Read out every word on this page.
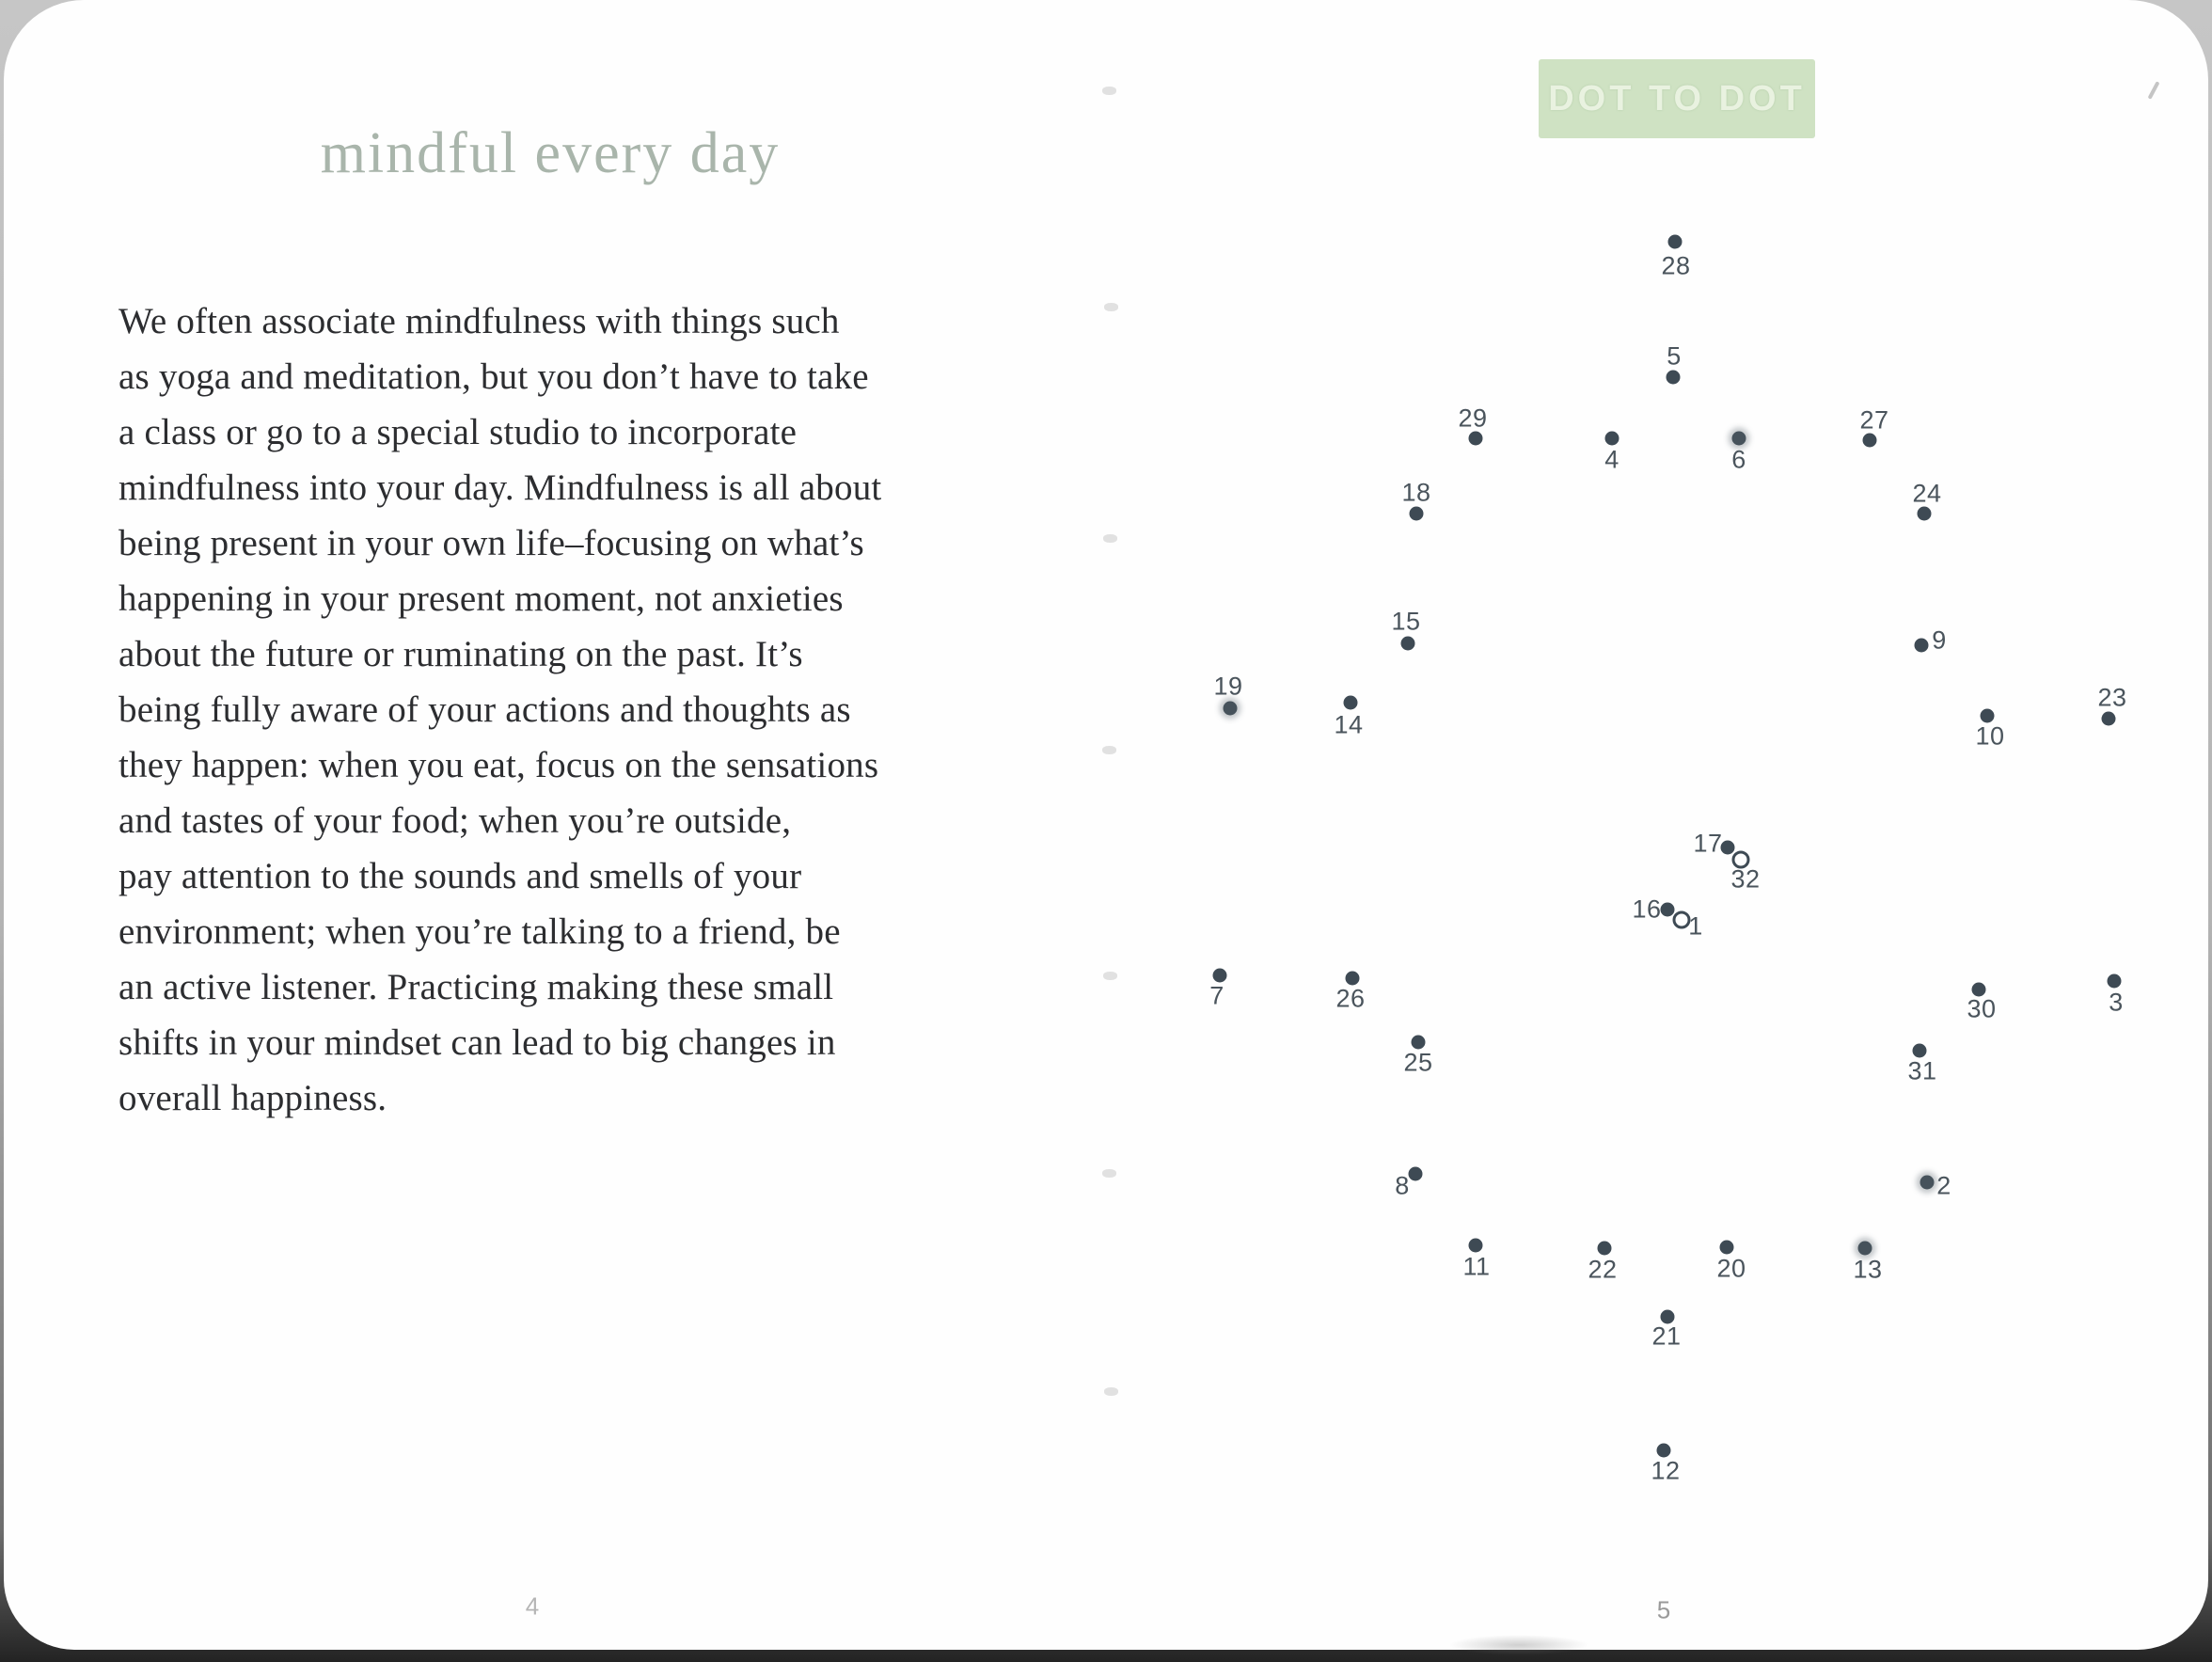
mindful every day
We often associate mindfulness with things such
as yoga and meditation, but you don’t have to take
a class or go to a special studio to incorporate
mindfulness into your day. Mindfulness is all about
being present in your own life–focusing on what’s
happening in your present moment, not anxieties
about the future or ruminating on the past. It’s
being fully aware of your actions and thoughts as
they happen: when you eat, focus on the sensations
and tastes of your food; when you’re outside,
pay attention to the sounds and smells of your
environment; when you’re talking to a friend, be
an active listener. Practicing making these small
shifts in your mindset can lead to big changes in
overall happiness.
4
DOT TO DOT
1
2
3
4
5
6
7
8
9
10
11
12
13
14
15
16
17
18
19
20
21
22
23
24
25
26
27
28
29
30
31
32
5
